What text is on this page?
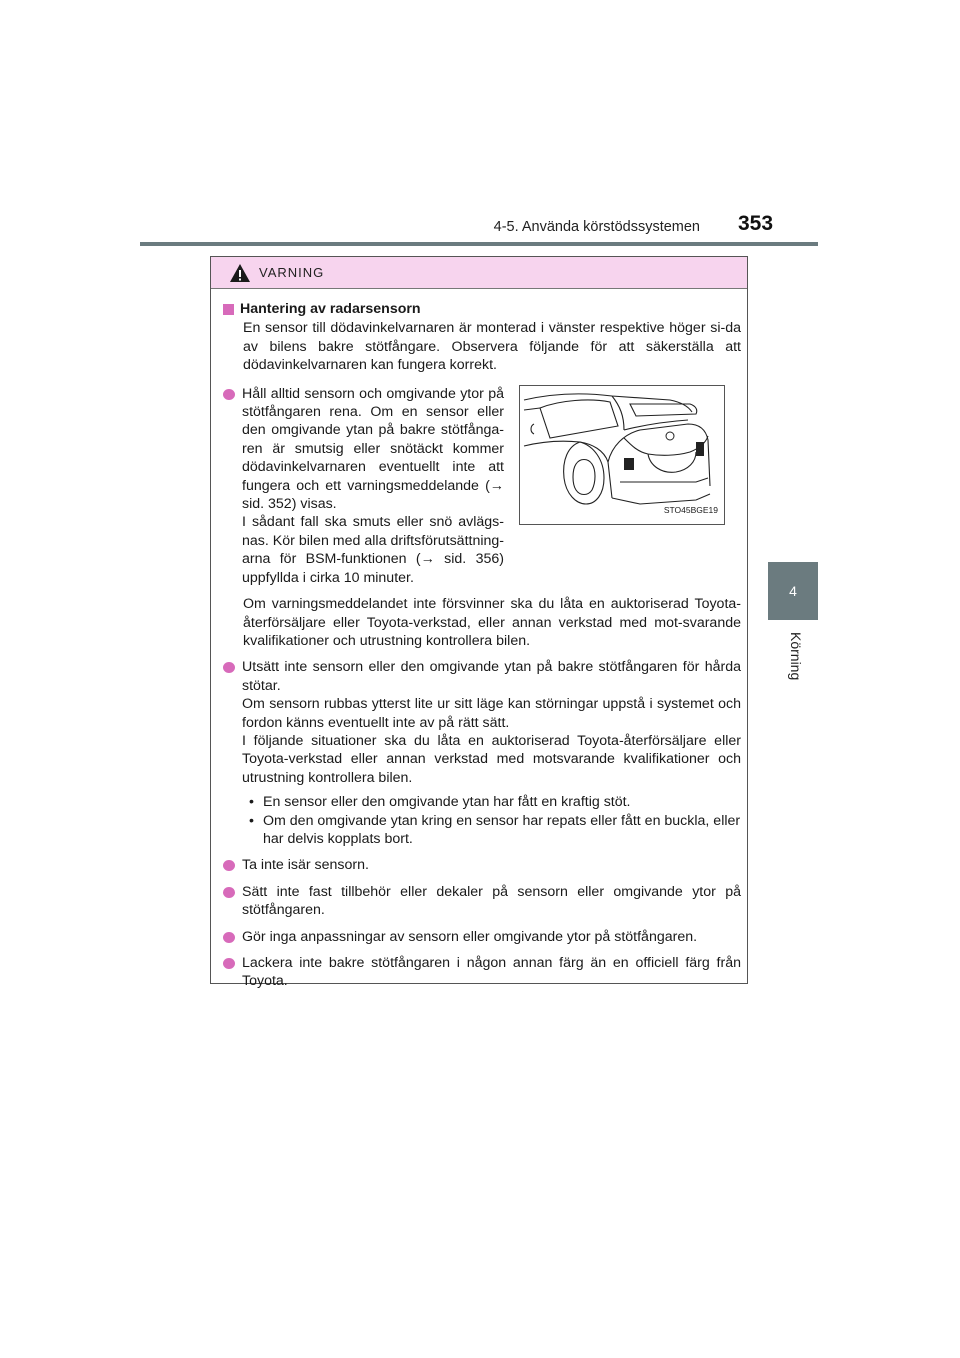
4-5. Använda körstödssystemen 353
4
Körning
VARNING
Hantering av radarsensorn
En sensor till dödavinkelvarnaren är monterad i vänster respektive höger si-da av bilens bakre stötfångare. Observera följande för att säkerställa att dödavinkelvarnaren kan fungera korrekt.
Håll alltid sensorn och omgivande ytor på stötfångaren rena. Om en sensor eller den omgivande ytan på bakre stötfånga-ren är smutsig eller snötäckt kommer dödavinkelvarnaren eventuellt inte att fungera och ett varningsmeddelande (→ sid. 352) visas.
I sådant fall ska smuts eller snö avlägs-nas. Kör bilen med alla driftsförutsättning-arna för BSM-funktionen (→ sid. 356) uppfyllda i cirka 10 minuter.
STO45BGE19
Om varningsmeddelandet inte försvinner ska du låta en auktoriserad Toyota-återförsäljare eller Toyota-verkstad, eller annan verkstad med mot-svarande kvalifikationer och utrustning kontrollera bilen.
Utsätt inte sensorn eller den omgivande ytan på bakre stötfångaren för hårda stötar.
Om sensorn rubbas ytterst lite ur sitt läge kan störningar uppstå i systemet och fordon känns eventuellt inte av på rätt sätt.
I följande situationer ska du låta en auktoriserad Toyota-återförsäljare eller Toyota-verkstad eller annan verkstad med motsvarande kvalifikationer och utrustning kontrollera bilen.
• En sensor eller den omgivande ytan har fått en kraftig stöt.
• Om den omgivande ytan kring en sensor har repats eller fått en buckla, eller har delvis kopplats bort.
Ta inte isär sensorn.
Sätt inte fast tillbehör eller dekaler på sensorn eller omgivande ytor på stötfångaren.
Gör inga anpassningar av sensorn eller omgivande ytor på stötfångaren.
Lackera inte bakre stötfångaren i någon annan färg än en officiell färg från Toyota.
